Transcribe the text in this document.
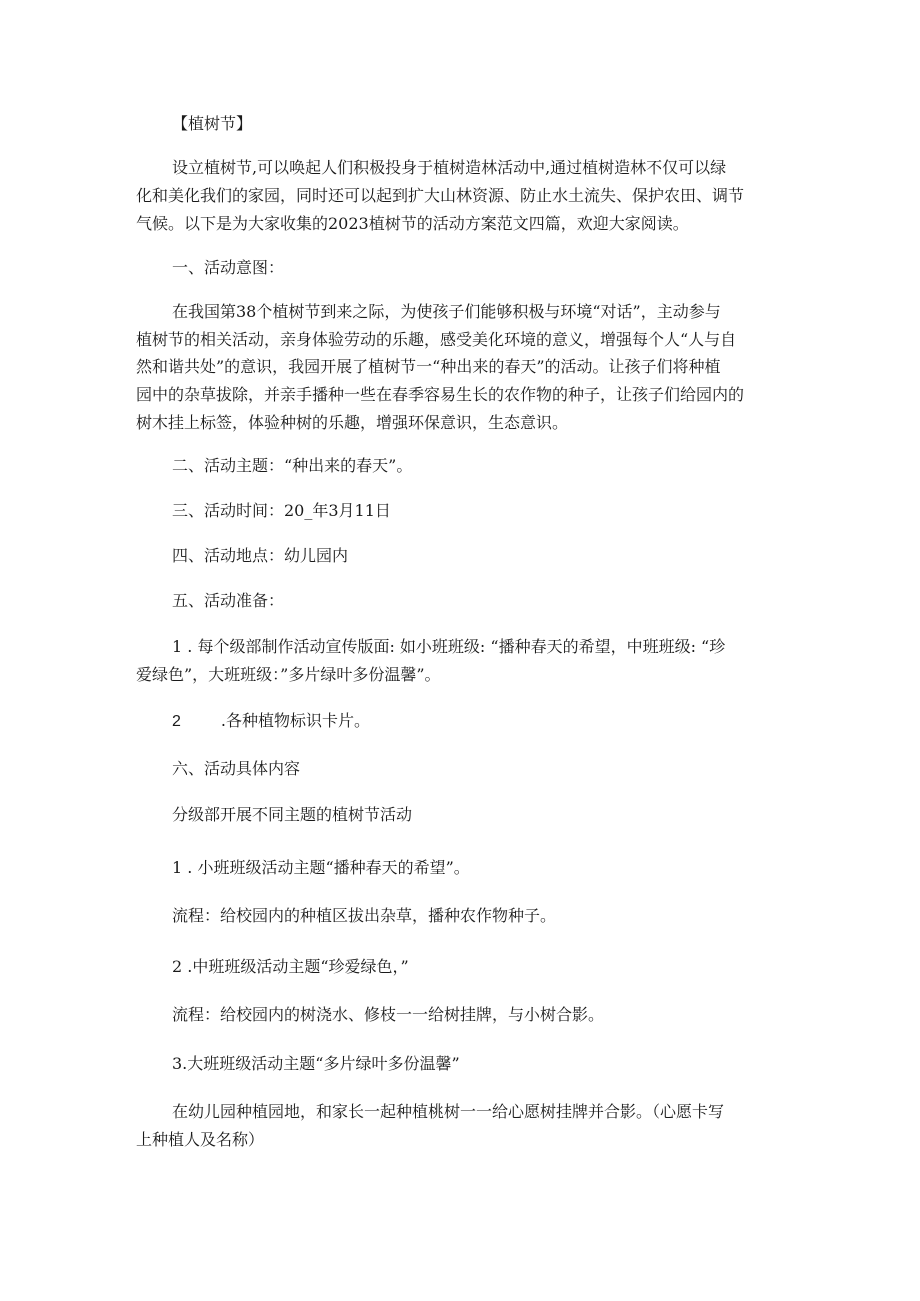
【植树节】
设立植树节,可以唤起人们积极投身于植树造林活动中,通过植树造林不仅可以绿
化和美化我们的家园，同时还可以起到扩大山林资源、防止水土流失、保护农田、调节
气候。以下是为大家收集的2023植树节的活动方案范文四篇，欢迎大家阅读。
一、活动意图：
在我国第38个植树节到来之际，为使孩子们能够积极与环境“对话”，主动参与
植树节的相关活动，亲身体验劳动的乐趣，感受美化环境的意义，增强每个人“人与自
然和谐共处”的意识，我园开展了植树节一“种出来的春天”的活动。让孩子们将种植
园中的杂草拔除，并亲手播种一些在春季容易生长的农作物的种子，让孩子们给园内的
树木挂上标签，体验种树的乐趣，增强环保意识，生态意识。
二、活动主题：“种出来的春天”。
三、活动时间：20_年3月11日
四、活动地点：幼儿园内
五、活动准备：
1 . 每个级部制作活动宣传版面: 如小班班级: “播种春天的希望，中班班级: “珍
爱绿色”，大班班级：”多片绿叶多份温馨”。
2	.各种植物标识卡片。
六、活动具体内容
分级部开展不同主题的植树节活动
1 . 小班班级活动主题“播种春天的希望”。
流程：给校园内的种植区拔出杂草，播种农作物种子。
2 .中班班级活动主题“珍爱绿色，”
流程：给校园内的树浇水、修枝一一给树挂牌，与小树合影。
3.大班班级活动主题“多片绿叶多份温馨”
在幼儿园种植园地，和家长一起种植桃树一一给心愿树挂牌并合影。（心愿卡写
上种植人及名称）
